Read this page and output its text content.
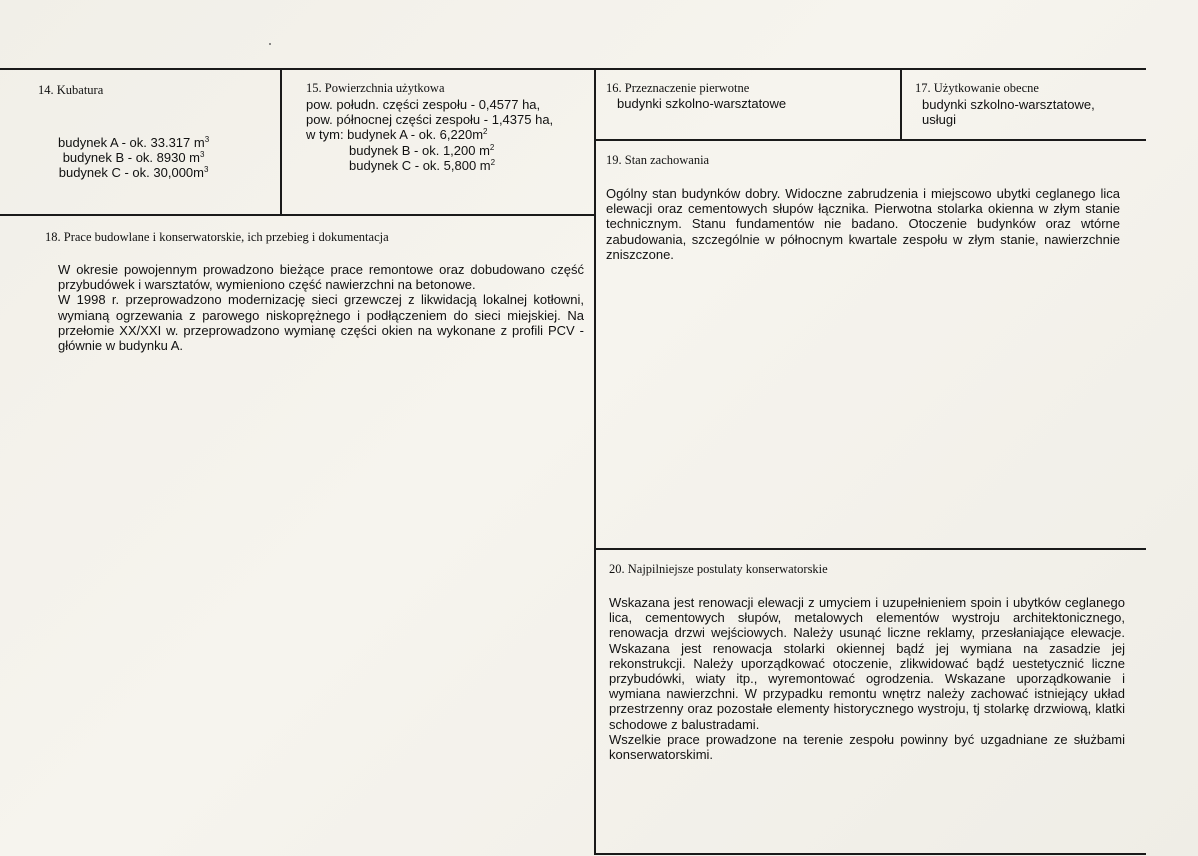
14. Kubatura
budynek A - ok. 33.317 $m^3$
budynek B - ok. 8930 $m^3$
budynek C - ok. $30,000m^3$
15. Powierzchnia użytkowa
pow. połudn. części zespołu - 0,4577 ha,
pow. północnej części zespołu - 1,4375 ha,
w tym: budynek A - ok. $6,220m^2$
budynek B - ok. 1,200 $m^2$
budynek C - ok. 5,800 $m^2$
16. Przeznaczenie pierwotne
budynki szkolno-warsztatowe
17. Użytkowanie obecne
budynki szkolno-warsztatowe,
usługi
19. Stan zachowania
Ogólny stan budynków dobry. Widoczne zabrudzenia i miejscowo ubytki ceglanego lica elewacji oraz cementowych słupów łącznika. Pierwotna stolarka okienna w złym stanie technicznym. Stanu fundamentów nie badano. Otoczenie budynków oraz wtórne zabudowania, szczególnie w północnym kwartale zespołu w złym stanie, nawierzchnie zniszczone.
18. Prace budowlane i konserwatorskie, ich przebieg i dokumentacja

W okresie powojennym prowadzono bieżące prace remontowe oraz dobudowano część przybudówek i warsztatów, wymieniono część nawierzchni na betonowe.

W 1998 r. przeprowadzono modernizację sieci grzewczej z likwidacją lokalnej kotłowni, wymianą ogrzewania z parowego niskoprężnego i podłączeniem do sieci miejskiej. Na przełomie XX/XXI w. przeprowadzono wymianę części okien na wykonane z profili PCV - głównie w budynku A.

20. Najpilniejsze postulaty konserwatorskie

Wskazana jest renowacji elewacji z umyciem i uzupełnieniem spoin i ubytków ceglanego lica, cementowych słupów, metalowych elementów wystroju architektonicznego, renowacja drzwi wejściowych. Należy usunąć liczne reklamy, przesłaniające elewacje. Wskazana jest renowacja stolarki okiennej bądź jej wymiana na zasadzie jej rekonstrukcji. Należy uporządkować otoczenie, zlikwidować bądź uestetycznić liczne przybudówki, wiaty itp., wyremontować ogrodzenia. Wskazane uporządkowanie i wymiana nawierzchni. W przypadku remontu wnętrz należy zachować istniejący układ przestrzenny oraz pozostałe elementy historycznego wystroju, tj stolarkę drzwiową, klatki schodowe z balustradami.

Wszelkie prace prowadzone na terenie zespołu powinny być uzgadniane ze służbami konserwatorskimi.
